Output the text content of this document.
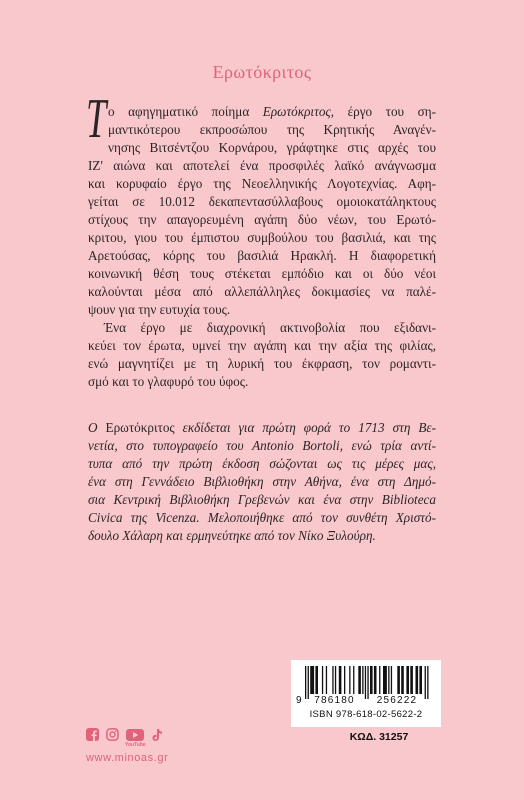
Ερωτόκριτος
Τ ο αφηγηματικό ποίημα Ερωτόκριτος, έργο του ση-
μαντικότερου εκπροσώπου της Κρητικής Αναγέν-
νησης Βιτσέντζου Κορνάρου, γράφτηκε στις αρχές του
ΙΖ' αιώνα και αποτελεί ένα προσφιλές λαϊκό ανάγνωσμα
και κορυφαίο έργο της Νεοελληνικής Λογοτεχνίας. Αφη-
γείται σε 10.012 δεκαπεντασύλλαβους ομοιοκατάληκτους
στίχους την απαγορευμένη αγάπη δύο νέων, του Ερωτό-
κριτου, γιου του έμπιστου συμβούλου του βασιλιά, και της
Αρετούσας, κόρης του βασιλιά Ηρακλή. Η διαφορετική
κοινωνική θέση τους στέκεται εμπόδιο και οι δύο νέοι
καλούνται μέσα από αλλεπάλληλες δοκιμασίες να παλέ-
ψουν για την ευτυχία τους.
Ένα έργο με διαχρονική ακτινοβολία που εξιδανι-
κεύει τον έρωτα, υμνεί την αγάπη και την αξία της φιλίας,
ενώ μαγνητίζει με τη λυρική του έκφραση, τον ρομαντι-
σμό και το γλαφυρό του ύφος.
Ο Ερωτόκριτος εκδίδεται για πρώτη φορά το 1713 στη Βε-
νετία, στο τυπογραφείο του Antonio Bortoli, ενώ τρία αντί-
τυπα από την πρώτη έκδοση σώζονται ως τις μέρες μας,
ένα στη Γεννάδειο Βιβλιοθήκη στην Αθήνα, ένα στη Δημό-
σια Κεντρική Βιβλιοθήκη Γρεβενών και ένα στην Biblioteca
Civica της Vicenza. Μελοποιήθηκε από τον συνθέτη Χριστό-
δουλο Χάλαρη και ερμηνεύτηκε από τον Νίκο Ξυλούρη.
9	786180	256222
ISBN 978-618-02-5622-2
ΚΩΔ. 31257
YouTube
www.minoas.gr
